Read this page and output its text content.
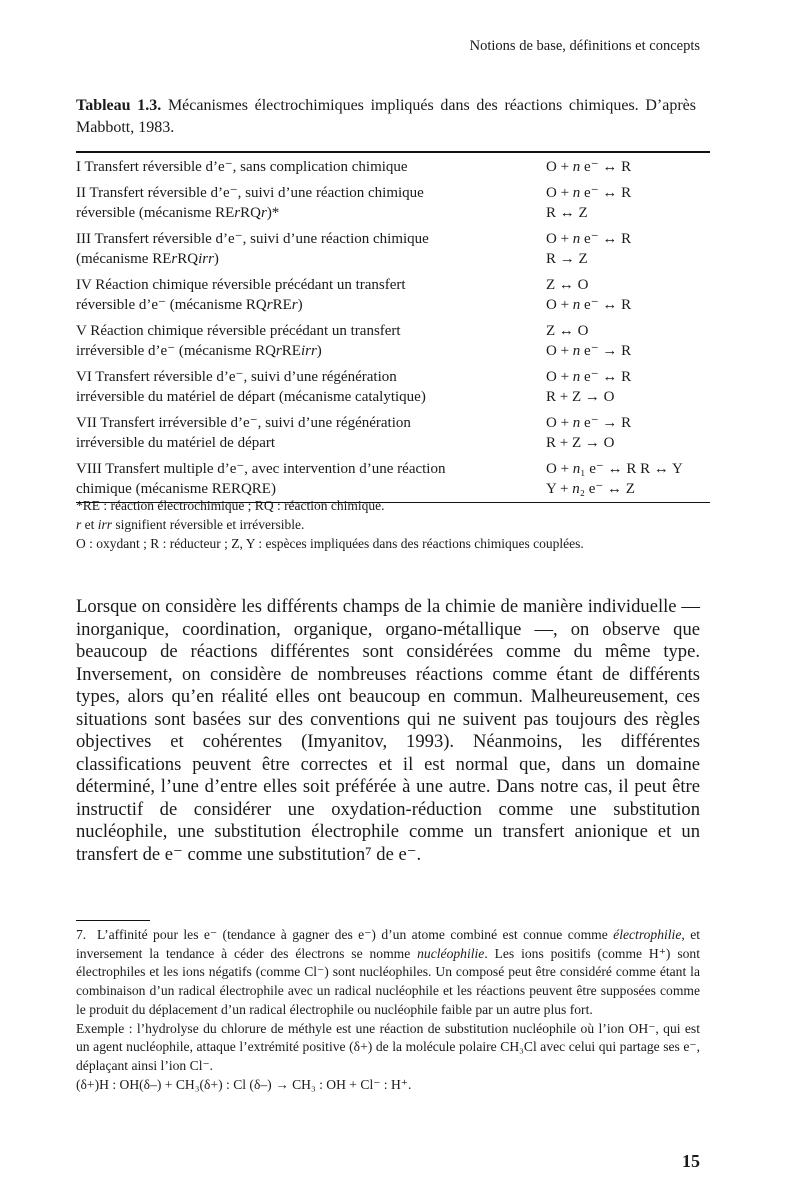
Notions de base, définitions et concepts
Tableau 1.3. Mécanismes électrochimiques impliqués dans des réactions chimiques. D’après Mabbott, 1983.
I Transfert réversible d’e⁻, sans complication chimique	O + n e⁻ ↔ R

II Transfert réversible d’e⁻, suivi d’une réaction chimique
réversible (mécanisme RErRQr)*	O + n e⁻ ↔ R
R ↔ Z

III Transfert réversible d’e⁻, suivi d’une réaction chimique
(mécanisme RErRQirr)	O + n e⁻ ↔ R
R → Z

IV Réaction chimique réversible précédant un transfert
réversible d’e⁻ (mécanisme RQrREr)	Z ↔ O
O + n e⁻ ↔ R

V Réaction chimique réversible précédant un transfert
irréversible d’e⁻ (mécanisme RQrREirr)	Z ↔ O
O + n e⁻ → R

VI Transfert réversible d’e⁻, suivi d’une régénération
irréversible du matériel de départ (mécanisme catalytique)	O + n e⁻ ↔ R
R + Z → O

VII Transfert irréversible d’e⁻, suivi d’une régénération
irréversible du matériel de départ	O + n e⁻ → R
R + Z → O

VIII Transfert multiple d’e⁻, avec intervention d’une réaction
chimique (mécanisme RERQRE)	O + n₁ e⁻ ↔ R R ↔ Y
Y + n₂ e⁻ ↔ Z
*RE : réaction électrochimique ; RQ : réaction chimique.
r et irr signifient réversible et irréversible.
O : oxydant ; R : réducteur ; Z, Y : espèces impliquées dans des réactions chimiques couplées.
Lorsque on considère les différents champs de la chimie de manière individuelle — inorganique, coordination, organique, organo-métallique —, on observe que beaucoup de réactions différentes sont considérées comme du même type. Inversement, on considère de nombreuses réactions comme étant de différents types, alors qu’en réalité elles ont beaucoup en commun. Malheureusement, ces situations sont basées sur des conventions qui ne suivent pas toujours des règles objectives et cohérentes (Imyanitov, 1993). Néanmoins, les différentes classifications peuvent être correctes et il est normal que, dans un domaine déterminé, l’une d’entre elles soit préférée à une autre. Dans notre cas, il peut être instructif de considérer une oxydation-réduction comme une substitution nucléophile, une substitution électrophile comme un transfert anionique et un transfert de e⁻ comme une substitution⁷ de e⁻.
7. L’affinité pour les e⁻ (tendance à gagner des e⁻) d’un atome combiné est connue comme électrophilie, et inversement la tendance à céder des électrons se nomme nucléophilie. Les ions positifs (comme H⁺) sont électrophiles et les ions négatifs (comme Cl⁻) sont nucléophiles. Un composé peut être considéré comme étant la combinaison d’un radical électrophile avec un radical nucléophile et les réactions peuvent être supposées comme le produit du déplacement d’un radical électrophile ou nucléophile faible par un autre plus fort.
Exemple : l’hydrolyse du chlorure de méthyle est une réaction de substitution nucléophile où l’ion OH⁻, qui est un agent nucléophile, attaque l’extrémité positive (δ+) de la molécule polaire CH₃Cl avec celui qui partage ses e⁻, déplaçant ainsi l’ion Cl⁻.
(δ+)H : OH(δ–) + CH₃(δ+) : Cl (δ–) → CH₃ : OH + Cl⁻ : H⁺.
15
